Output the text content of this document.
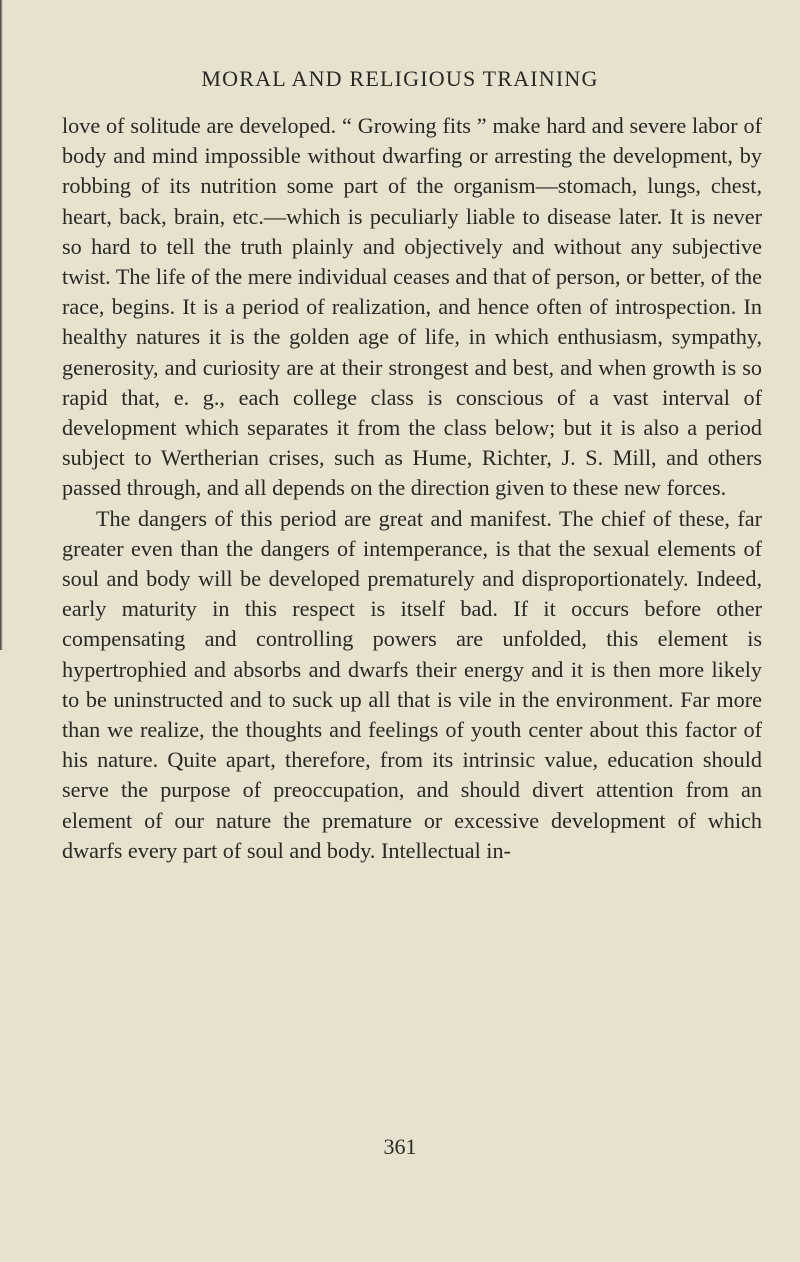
MORAL AND RELIGIOUS TRAINING

love of solitude are developed. “ Growing fits ” make hard and severe labor of body and mind impossible without dwarfing or arresting the development, by robbing of its nutrition some part of the organism—stomach, lungs, chest, heart, back, brain, etc.—which is peculiarly liable to disease later. It is never so hard to tell the truth plainly and objectively and without any subjective twist. The life of the mere individual ceases and that of person, or better, of the race, begins. It is a period of realization, and hence often of introspection. In healthy natures it is the golden age of life, in which enthusiasm, sympathy, generosity, and curiosity are at their strongest and best, and when growth is so rapid that, e. g., each college class is conscious of a vast interval of development which separates it from the class below; but it is also a period subject to Wertherian crises, such as Hume, Richter, J. S. Mill, and others passed through, and all depends on the direction given to these new forces.

The dangers of this period are great and manifest. The chief of these, far greater even than the dangers of intemperance, is that the sexual elements of soul and body will be developed prematurely and disproportionately. Indeed, early maturity in this respect is itself bad. If it occurs before other compensating and controlling powers are unfolded, this element is hypertrophied and absorbs and dwarfs their energy and it is then more likely to be uninstructed and to suck up all that is vile in the environment. Far more than we realize, the thoughts and feelings of youth center about this factor of his nature. Quite apart, therefore, from its intrinsic value, education should serve the purpose of preoccupation, and should divert attention from an element of our nature the premature or excessive development of which dwarfs every part of soul and body. Intellectual in-

361
